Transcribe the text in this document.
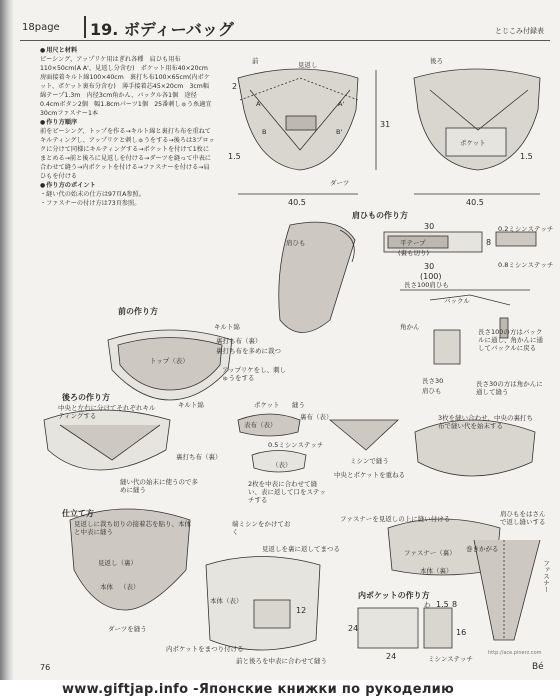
18page 19. ボディーバッグ	とじこみ付録表

● 用尺と材料

ピーシング、アップリケ用はぎれ各種　肩ひも用布110×50cm(A A'、見返し分含む)　ポケット用布40×20cm　房面接着キルト綿100×40cm　裏打ち布100×65cm(内ポケット、ポケット裏布分含む)　薄手接着芯45×20cm　3cm幅綿テープ1.3m　内径3cm角かん、バックル各1個　途径0.4cmボタン2個　幅1.8cmパーツ1個　25番刺しゅう糸適宜　30cmファスナー1本

● 作り方順序

前をピーシング、トップを作る→キルト綿と裏打ち布を重ねてキルティングし、アップリケと刺しゅうをする→後ろは3ブロックに分けて同様にキルティングする→ポケットを付けて1枚にまとめる→前と後ろに見返しを付ける→ダーツを縫って中表に合わせて縫う→内ポケットを付ける→ファスナーを付ける→肩ひもを付ける

● 作り方のポイント

・縫い代の始末の仕方は97頁A参照。
・ファスナーの付け方は73頁参照。

前	後ろ
見返し
A	A'
B	B'
ポケット
ダーツ
31
2
1.5	1.5
40.5	40.5
肩ひもの作り方
肩ひも
30
平テープ
(裏も切り)
8
0.2ミシンステッチ
0.8ミシンステッチ
30
(100)
長さ100肩ひも
バックル
角かん
長さ100の方はバックルに通し、角かんに通してバックルに戻る
長さ30
肩ひも
長さ30の方は角かんに通して縫う
前の作り方
キルト綿
裏打ち布（裏）
裏打ち布を多めに裁つ
トップ（表）
アップリケをし、刺しゅうをする
後ろの作り方
中央と左右に分けてそれぞれキルティングする
キルト綿
裏打ち布（裏）
縫い代の始末に使うので多めに縫う
ポケット 縫う
表布（表）
裏布（表）
0.5ミシンステッチ
（表）
2枚を中表に合わせて縫い、表に返して口をステッチする
ミシンで縫う
中央とポケットを重ねる
3枚を縫い合わせ、中央の裏打ち布で縫い代を始末する
仕立て方
見返しに裁ち切りの接着芯を貼り、本体と中表に縫う
見返し（裏）
本体 （表）
ダーツを縫う
端ミシンをかけておく
見返しを裏に返してまつる
本体（表）
12
内ポケットをまつり付ける
前と後ろを中表に合わせて縫う
ファスナーを見返しの上に縫い付ける
ファスナー（裏）
本体（裏）
内ポケットの作り方
24
24
わ 1.5 8
16
ミシンステッチ
肩ひもをはさんで返し縫いする
巻きかがる
ファスナー
76
http://ace.pinerz.com
Bé
www.giftjap.info -Японские книжки по рукоделию
